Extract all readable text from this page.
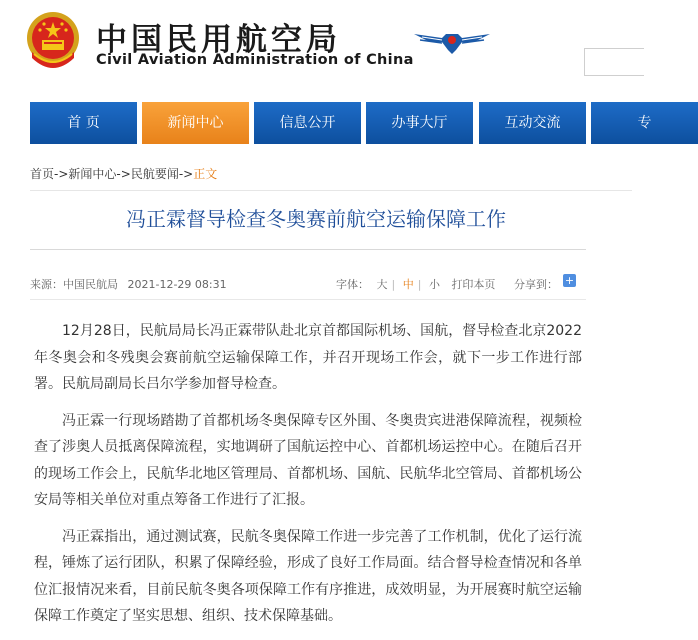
中国民用航空局
Civil Aviation Administration of China
首 页	新闻中心	信息公开	办事大厅	互动交流	专
首页->新闻中心->民航要闻->正文
冯正霖督导检查冬奥赛前航空运输保障工作
来源：中国民航局 2021-12-29 08:31	字体： 大 | 中 | 小 打印本页	分享到： +

12月28日，民航局局长冯正霖带队赴北京首都国际机场、国航，督导检查北京2022年冬奥会和冬残奥会赛前航空运输保障工作，并召开现场工作会，就下一步工作进行部署。民航局副局长吕尔学参加督导检查。

冯正霖一行现场踏勘了首都机场冬奥保障专区外围、冬奥贵宾进港保障流程，视频检查了涉奥人员抵离保障流程，实地调研了国航运控中心、首都机场运控中心。在随后召开的现场工作会上，民航华北地区管理局、首都机场、国航、民航华北空管局、首都机场公安局等相关单位对重点筹备工作进行了汇报。

冯正霖指出，通过测试赛，民航冬奥保障工作进一步完善了工作机制，优化了运行流程，锤炼了运行团队，积累了保障经验，形成了良好工作局面。结合督导检查情况和各单位汇报情况来看，目前民航冬奥各项保障工作有序推进，成效明显，为开展赛时航空运输保障工作奠定了坚实思想、组织、技术保障基础。
